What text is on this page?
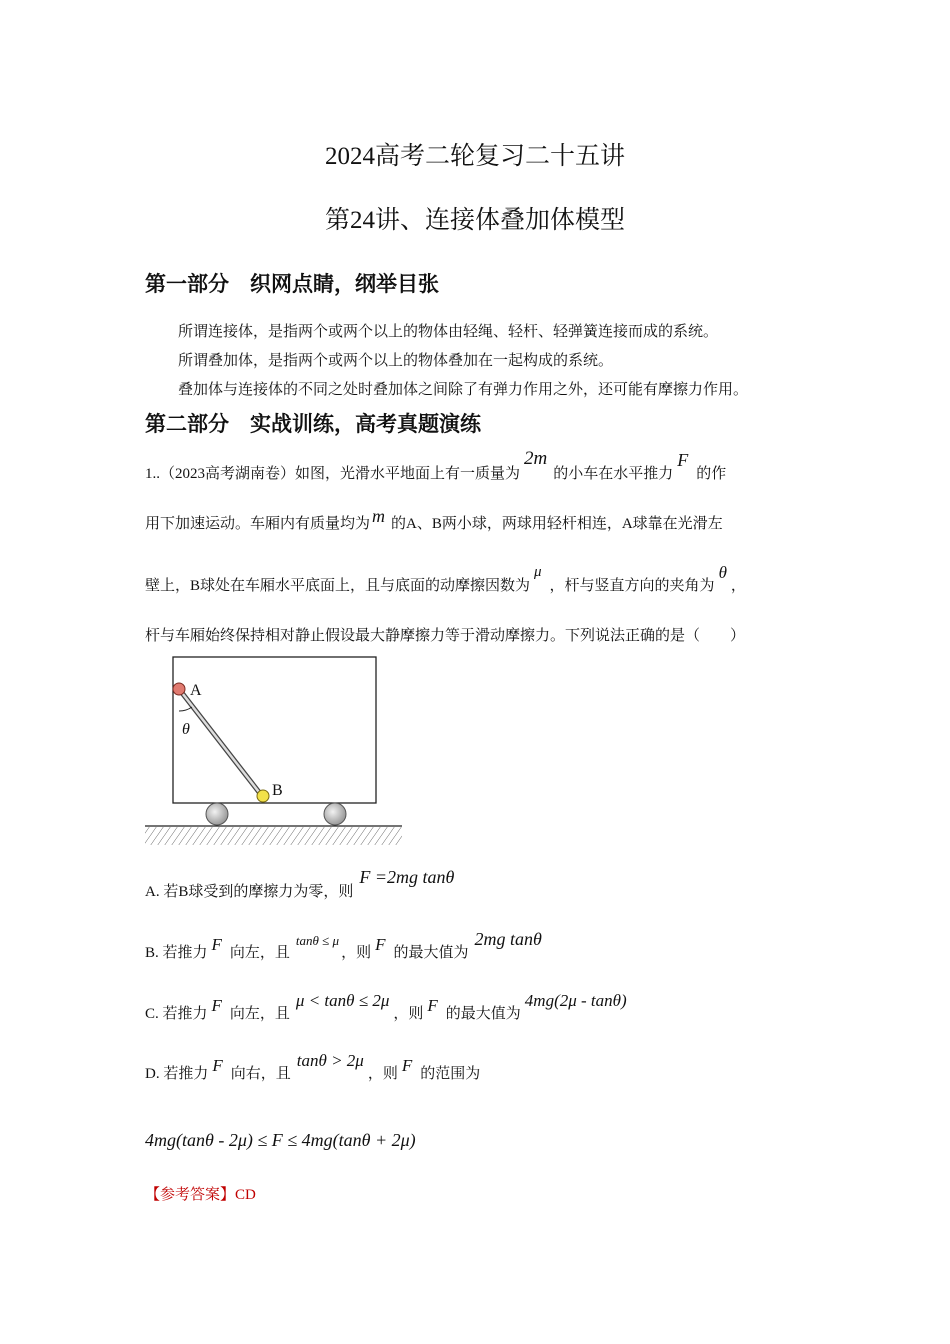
2024高考二轮复习二十五讲
第24讲、连接体叠加体模型
第一部分　织网点睛，纲举目张
所谓连接体，是指两个或两个以上的物体由轻绳、轻杆、轻弹簧连接而成的系统。
所谓叠加体，是指两个或两个以上的物体叠加在一起构成的系统。
叠加体与连接体的不同之处时叠加体之间除了有弹力作用之外，还可能有摩擦力作用。
第二部分　实战训练，高考真题演练
1..（2023高考湖南卷）如图，光滑水平地面上有一质量为2m的小车在水平推力F的作
用下加速运动。车厢内有质量均为 m 的A、B两小球，两球用轻杆相连，A球靠在光滑左
壁上，B球处在车厢水平底面上，且与底面的动摩擦因数为μ，杆与竖直方向的夹角为θ，
杆与车厢始终保持相对静止假设最大静摩擦力等于滑动摩擦力。下列说法正确的是（　　）
A
B
θ
A. 若B球受到的摩擦力为零，则F =2mg tanθ
B. 若推力 F 向左，且tanθ ≤ μ，则 F 的最大值为2mg tanθ
C. 若推力 F 向左，且μ < tanθ ≤ 2μ，则 F 的最大值为4mg(2μ - tanθ)
D. 若推力 F 向右，且tanθ > 2μ，则 F 的范围为
4mg(tanθ - 2μ) ≤ F ≤ 4mg(tanθ + 2μ)
【参考答案】CD
